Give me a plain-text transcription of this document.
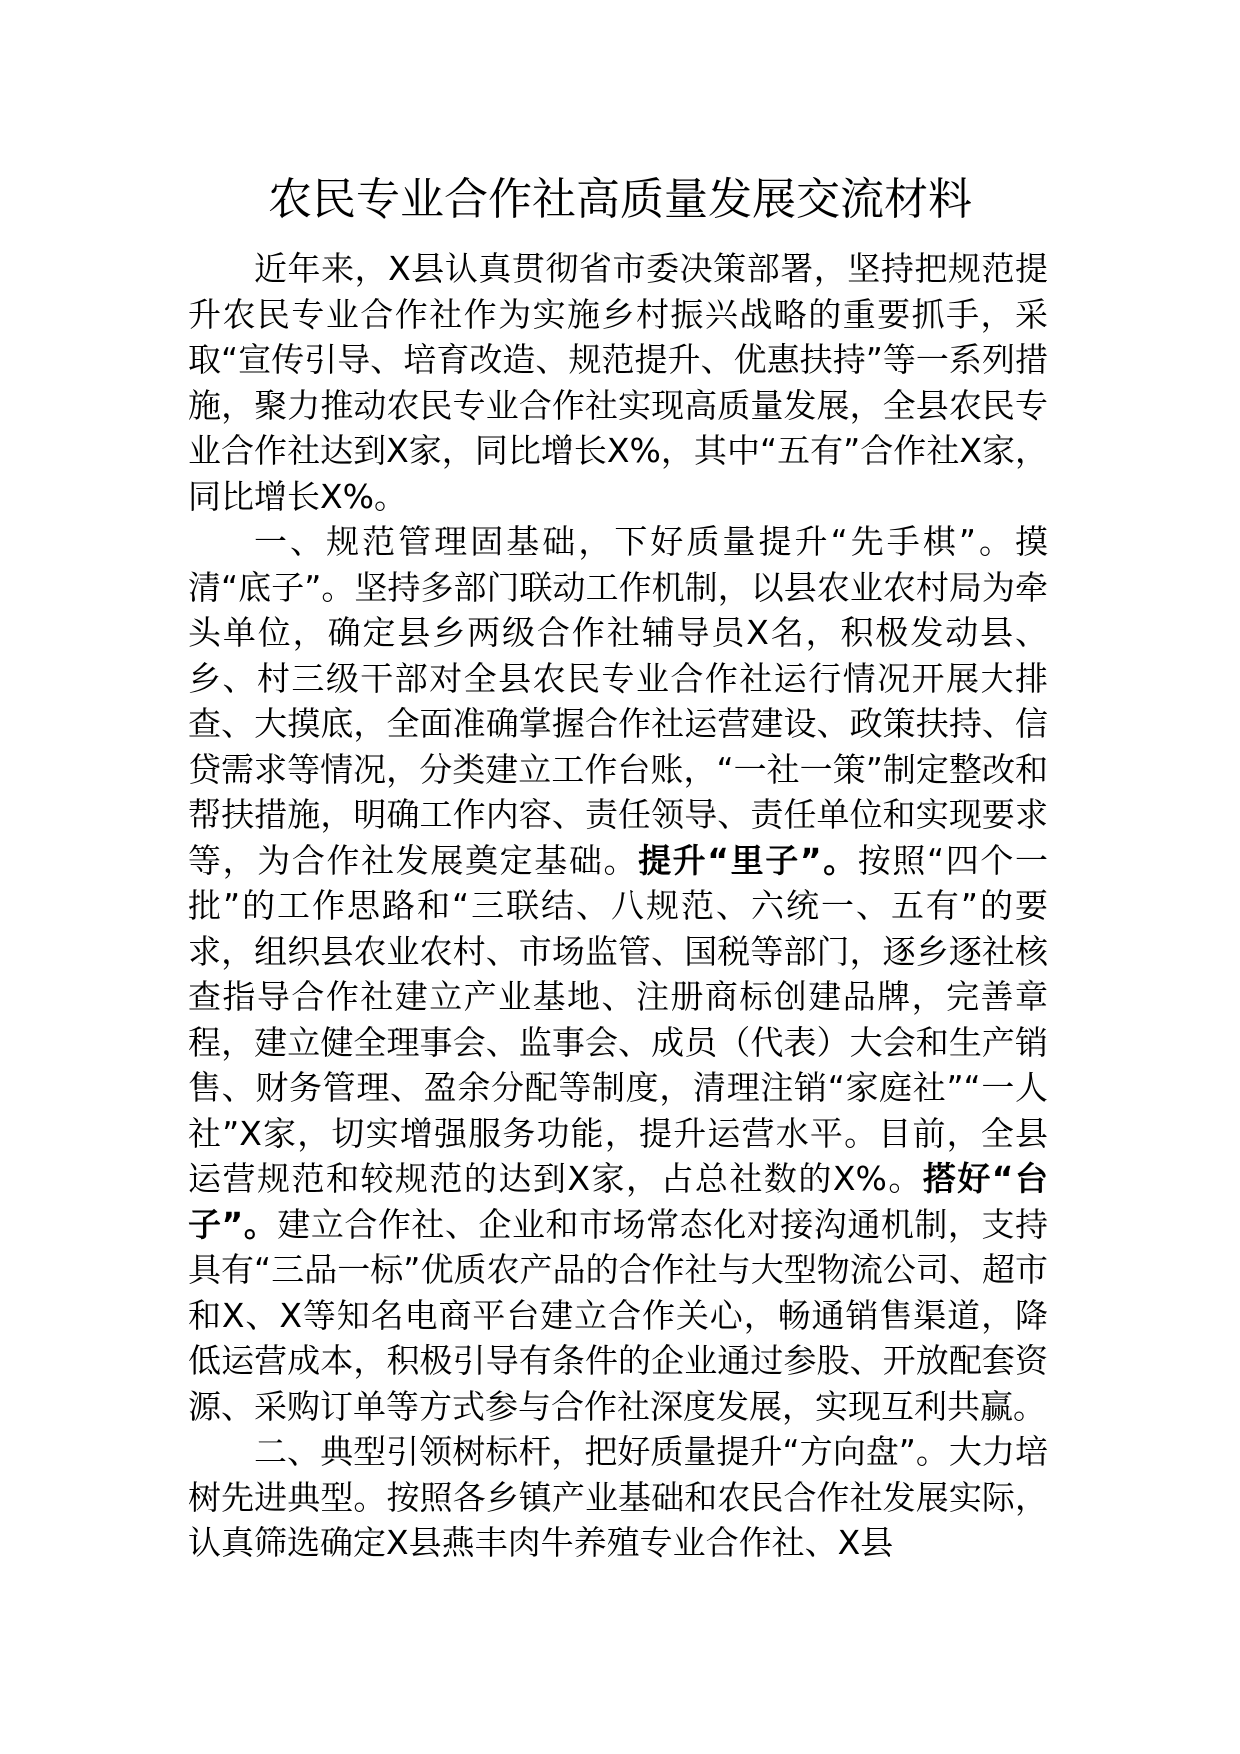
农民专业合作社高质量发展交流材料

近年来，X县认真贯彻省市委决策部署，坚持把规范提升农民专业合作社作为实施乡村振兴战略的重要抓手，采取“宣传引导、培育改造、规范提升、优惠扶持”等一系列措施，聚力推动农民专业合作社实现高质量发展，全县农民专业合作社达到X家，同比增长X%，其中“五有”合作社X家，同比增长X%。

一、规范管理固基础，下好质量提升“先手棋”。摸清“底子”。坚持多部门联动工作机制，以县农业农村局为牵头单位，确定县乡两级合作社辅导员X名，积极发动县、乡、村三级干部对全县农民专业合作社运行情况开展大排查、大摸底，全面准确掌握合作社运营建设、政策扶持、信贷需求等情况，分类建立工作台账，“一社一策”制定整改和帮扶措施，明确工作内容、责任领导、责任单位和实现要求等，为合作社发展奠定基础。提升“里子”。按照“四个一批”的工作思路和“三联结、八规范、六统一、五有”的要求，组织县农业农村、市场监管、国税等部门，逐乡逐社核查指导合作社建立产业基地、注册商标创建品牌，完善章程，建立健全理事会、监事会、成员（代表）大会和生产销售、财务管理、盈余分配等制度，清理注销“家庭社”“一人社”X家，切实增强服务功能，提升运营水平。目前，全县运营规范和较规范的达到X家，占总社数的X%。搭好“台子”。建立合作社、企业和市场常态化对接沟通机制，支持具有“三品一标”优质农产品的合作社与大型物流公司、超市和X、X等知名电商平台建立合作关心，畅通销售渠道，降低运营成本，积极引导有条件的企业通过参股、开放配套资源、采购订单等方式参与合作社深度发展，实现互利共赢。

二、典型引领树标杆，把好质量提升“方向盘”。大力培树先进典型。按照各乡镇产业基础和农民合作社发展实际，认真筛选确定X县燕丰肉牛养殖专业合作社、X县
